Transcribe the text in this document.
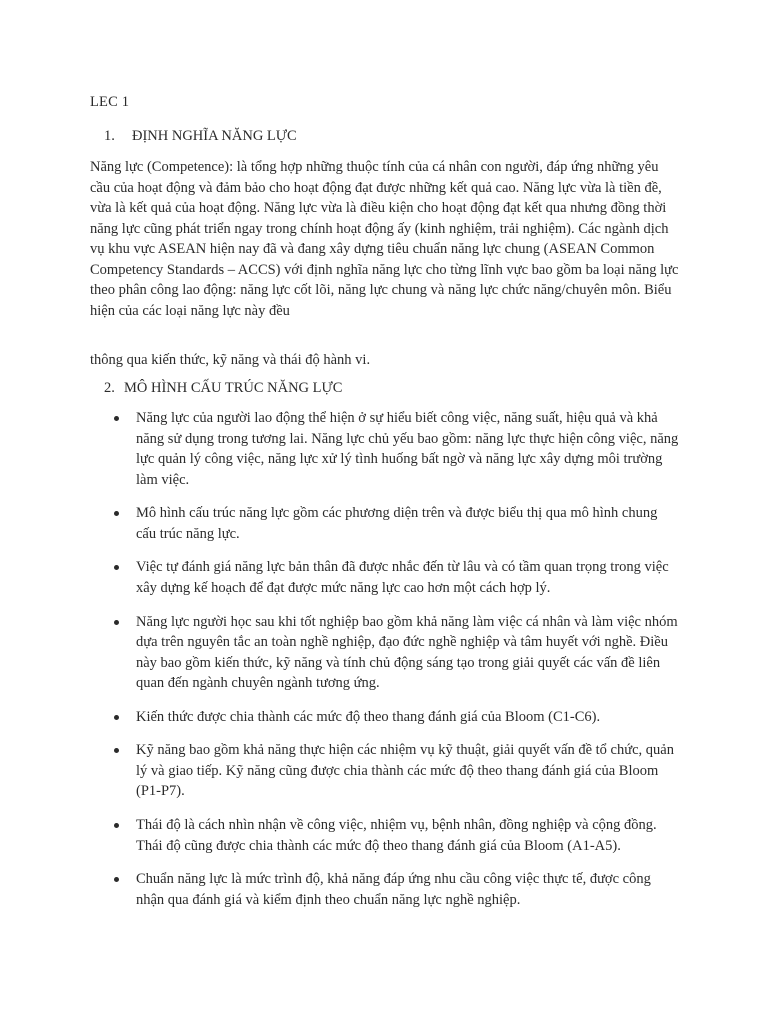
LEC 1
1. ĐỊNH NGHĨA NĂNG LỰC

Năng lực (Competence): là tổng hợp những thuộc tính của cá nhân con người, đáp ứng những yêu cầu của hoạt động và đảm bảo cho hoạt động đạt được những kết quả cao. Năng lực vừa là tiền đề, vừa là kết quả của hoạt động. Năng lực vừa là điều kiện cho hoạt động đạt kết qua nhưng đồng thời năng lực cũng phát triển ngay trong chính hoạt động ấy (kinh nghiệm, trải nghiệm). Các ngành dịch vụ khu vực ASEAN hiện nay đã và đang xây dựng tiêu chuẩn năng lực chung (ASEAN Common Competency Standards – ACCS) với định nghĩa năng lực cho từng lĩnh vực bao gồm ba loại năng lực theo phân công lao động: năng lực cốt lõi, năng lực chung và năng lực chức năng/chuyên môn. Biểu hiện của các loại năng lực này đều

thông qua kiến thức, kỹ năng và thái độ hành vi.

2. MÔ HÌNH CẤU TRÚC NĂNG LỰC
Năng lực của người lao động thể hiện ở sự hiểu biết công việc, năng suất, hiệu quả và khả năng sử dụng trong tương lai. Năng lực chủ yếu bao gồm: năng lực thực hiện công việc, năng lực quản lý công việc, năng lực xử lý tình huống bất ngờ và năng lực xây dựng môi trường làm việc.
Mô hình cấu trúc năng lực gồm các phương diện trên và được biểu thị qua mô hình chung cấu trúc năng lực.
Việc tự đánh giá năng lực bản thân đã được nhắc đến từ lâu và có tầm quan trọng trong việc xây dựng kế hoạch để đạt được mức năng lực cao hơn một cách hợp lý.
Năng lực người học sau khi tốt nghiệp bao gồm khả năng làm việc cá nhân và làm việc nhóm dựa trên nguyên tắc an toàn nghề nghiệp, đạo đức nghề nghiệp và tâm huyết với nghề. Điều này bao gồm kiến thức, kỹ năng và tính chủ động sáng tạo trong giải quyết các vấn đề liên quan đến ngành chuyên ngành tương ứng.
Kiến thức được chia thành các mức độ theo thang đánh giá của Bloom (C1-C6).
Kỹ năng bao gồm khả năng thực hiện các nhiệm vụ kỹ thuật, giải quyết vấn đề tổ chức, quản lý và giao tiếp. Kỹ năng cũng được chia thành các mức độ theo thang đánh giá của Bloom (P1-P7).
Thái độ là cách nhìn nhận về công việc, nhiệm vụ, bệnh nhân, đồng nghiệp và cộng đồng. Thái độ cũng được chia thành các mức độ theo thang đánh giá của Bloom (A1-A5).
Chuẩn năng lực là mức trình độ, khả năng đáp ứng nhu cầu công việc thực tế, được công nhận qua đánh giá và kiểm định theo chuẩn năng lực nghề nghiệp.
